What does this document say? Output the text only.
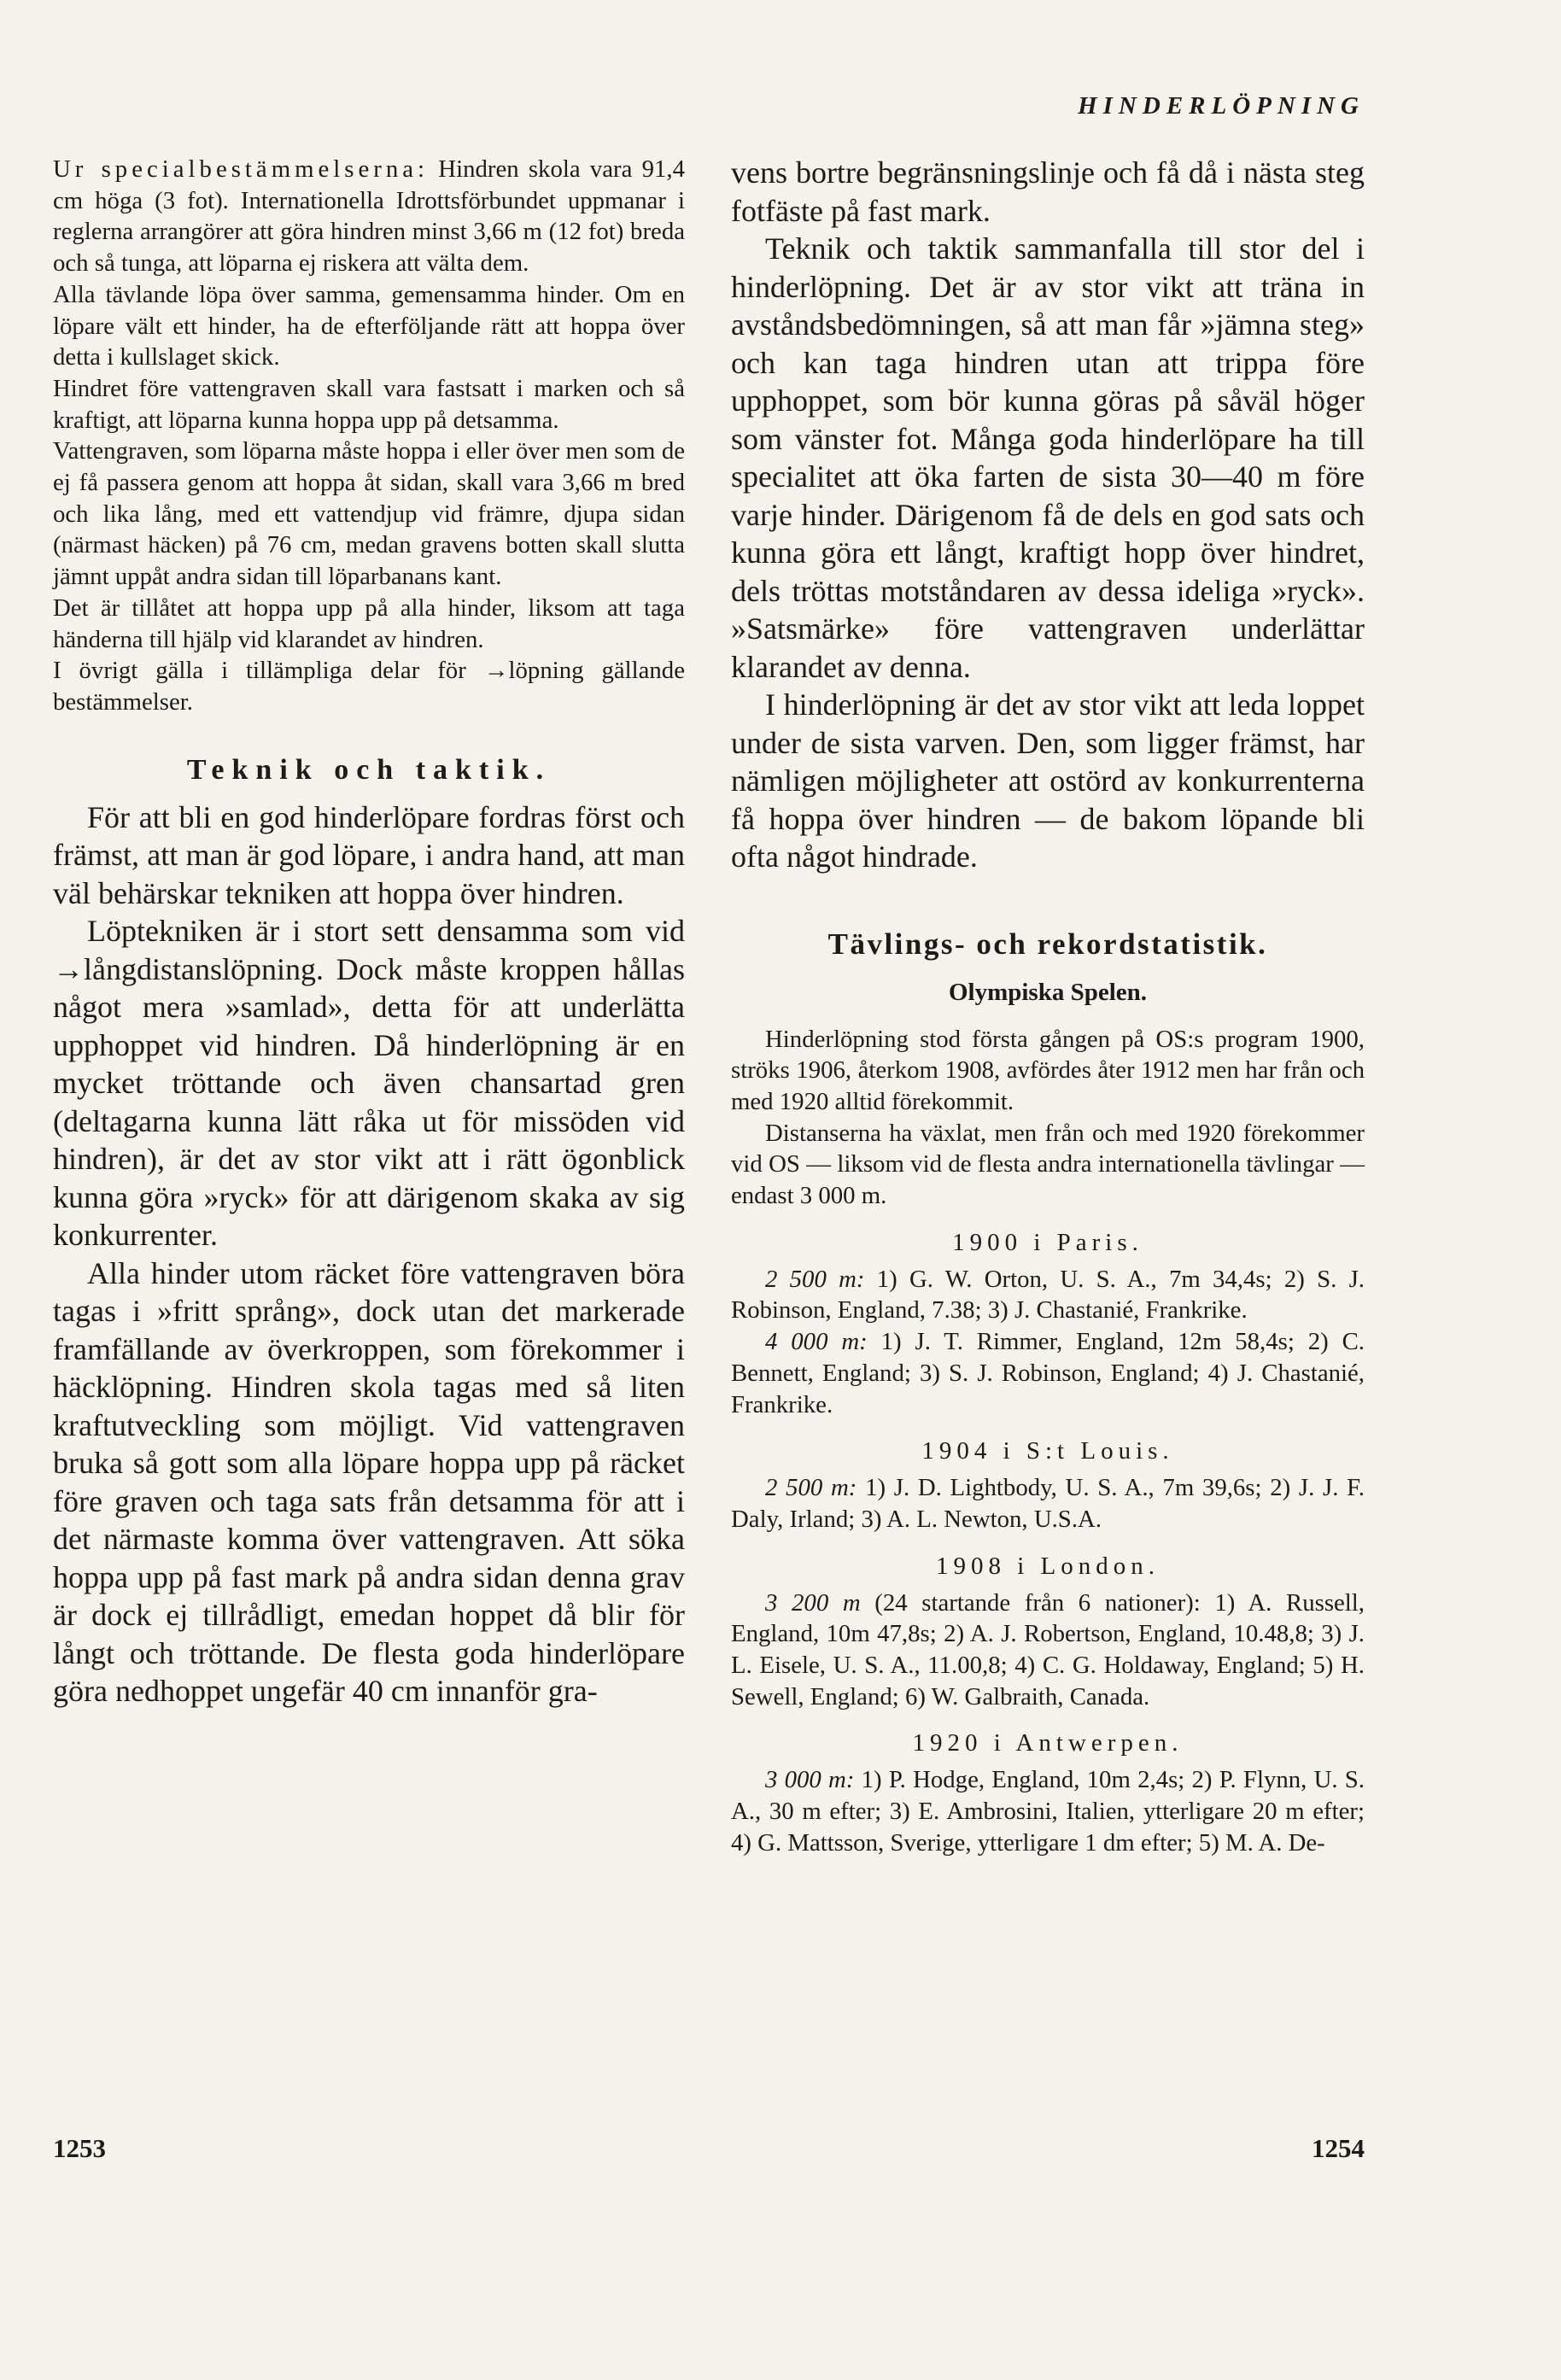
HINDERLÖPNING

Ur specialbestämmelserna: Hindren skola vara 91,4 cm höga (3 fot). Internationella Idrottsförbundet uppmanar i reglerna arrangörer att göra hindren minst 3,66 m (12 fot) breda och så tunga, att löparna ej riskera att välta dem.

Alla tävlande löpa över samma, gemensamma hinder. Om en löpare vält ett hinder, ha de efterföljande rätt att hoppa över detta i kullslaget skick.

Hindret före vattengraven skall vara fastsatt i marken och så kraftigt, att löparna kunna hoppa upp på detsamma.

Vattengraven, som löparna måste hoppa i eller över men som de ej få passera genom att hoppa åt sidan, skall vara 3,66 m bred och lika lång, med ett vattendjup vid främre, djupa sidan (närmast häcken) på 76 cm, medan gravens botten skall slutta jämnt uppåt andra sidan till löparbanans kant.

Det är tillåtet att hoppa upp på alla hinder, liksom att taga händerna till hjälp vid klarandet av hindren.

I övrigt gälla i tillämpliga delar för →löpning gällande bestämmelser.

Teknik och taktik.

För att bli en god hinderlöpare fordras först och främst, att man är god löpare, i andra hand, att man väl behärskar tekniken att hoppa över hindren.

Löptekniken är i stort sett densamma som vid →långdistanslöpning. Dock måste kroppen hållas något mera »samlad», detta för att underlätta upphoppet vid hindren. Då hinderlöpning är en mycket tröttande och även chansartad gren (deltagarna kunna lätt råka ut för missöden vid hindren), är det av stor vikt att i rätt ögonblick kunna göra »ryck» för att därigenom skaka av sig konkurrenter.

Alla hinder utom räcket före vattengraven böra tagas i »fritt språng», dock utan det markerade framfällande av överkroppen, som förekommer i häcklöpning. Hindren skola tagas med så liten kraftutveckling som möjligt. Vid vattengraven bruka så gott som alla löpare hoppa upp på räcket före graven och taga sats från detsamma för att i det närmaste komma över vattengraven. Att söka hoppa upp på fast mark på andra sidan denna grav är dock ej tillrådligt, emedan hoppet då blir för långt och tröttande. De flesta goda hinderlöpare göra nedhoppet ungefär 40 cm innanför gra-

vens bortre begränsningslinje och få då i nästa steg fotfäste på fast mark.

Teknik och taktik sammanfalla till stor del i hinderlöpning. Det är av stor vikt att träna in avståndsbedömningen, så att man får »jämna steg» och kan taga hindren utan att trippa före upphoppet, som bör kunna göras på såväl höger som vänster fot. Många goda hinderlöpare ha till specialitet att öka farten de sista 30—40 m före varje hinder. Därigenom få de dels en god sats och kunna göra ett långt, kraftigt hopp över hindret, dels tröttas motståndaren av dessa ideliga »ryck». »Satsmärke» före vattengraven underlättar klarandet av denna.

I hinderlöpning är det av stor vikt att leda loppet under de sista varven. Den, som ligger främst, har nämligen möjligheter att ostörd av konkurrenterna få hoppa över hindren — de bakom löpande bli ofta något hindrade.

Tävlings- och rekordstatistik.
Olympiska Spelen.

Hinderlöpning stod första gången på OS:s program 1900, ströks 1906, återkom 1908, avfördes åter 1912 men har från och med 1920 alltid förekommit.

Distanserna ha växlat, men från och med 1920 förekommer vid OS — liksom vid de flesta andra internationella tävlingar — endast 3 000 m.

1900 i Paris.

2 500 m: 1) G. W. Orton, U. S. A., 7m 34,4s; 2) S. J. Robinson, England, 7.38; 3) J. Chastanié, Frankrike.

4 000 m: 1) J. T. Rimmer, England, 12m 58,4s; 2) C. Bennett, England; 3) S. J. Robinson, England; 4) J. Chastanié, Frankrike.

1904 i S:t Louis.

2 500 m: 1) J. D. Lightbody, U. S. A., 7m 39,6s; 2) J. J. F. Daly, Irland; 3) A. L. Newton, U.S.A.

1908 i London.

3 200 m (24 startande från 6 nationer): 1) A. Russell, England, 10m 47,8s; 2) A. J. Robertson, England, 10.48,8; 3) J. L. Eisele, U. S. A., 11.00,8; 4) C. G. Holdaway, England; 5) H. Sewell, England; 6) W. Galbraith, Canada.

1920 i Antwerpen.

3 000 m: 1) P. Hodge, England, 10m 2,4s; 2) P. Flynn, U. S. A., 30 m efter; 3) E. Ambrosini, Italien, ytterligare 20 m efter; 4) G. Mattsson, Sverige, ytterligare 1 dm efter; 5) M. A. De-

1253	1254
